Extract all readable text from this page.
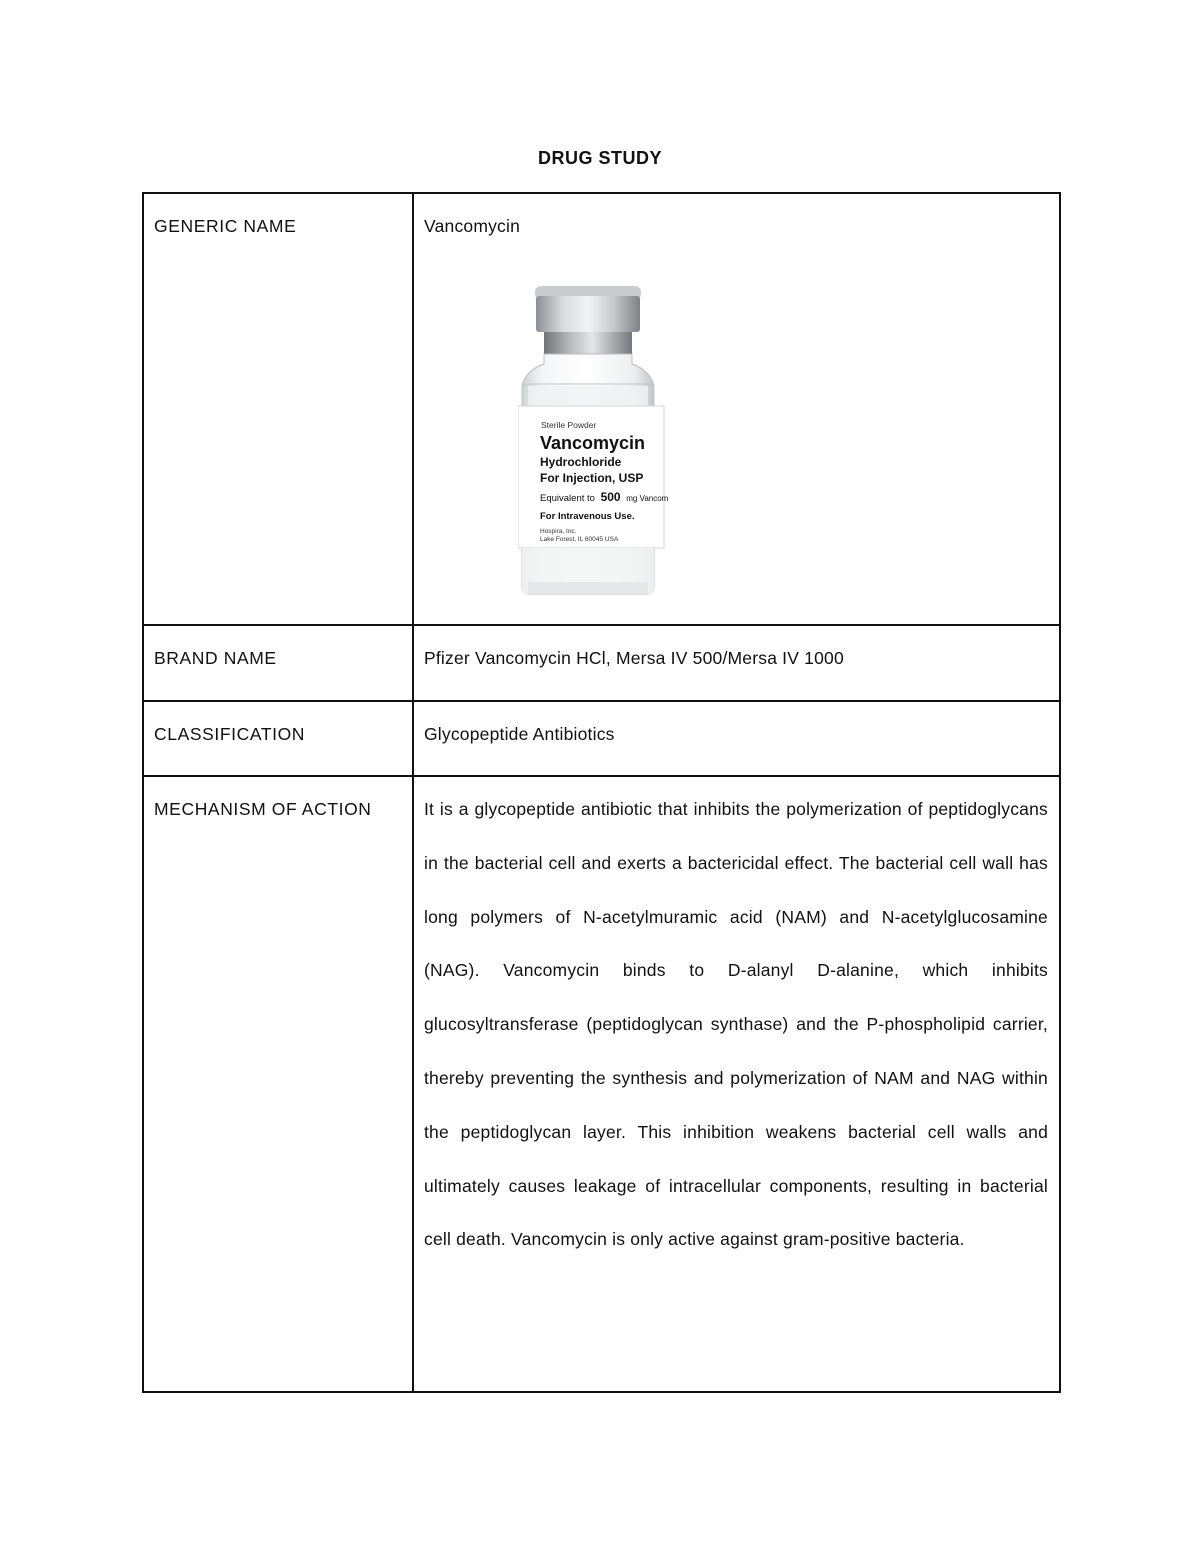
DRUG STUDY
GENERIC NAME	Vancomycin
BRAND NAME	Pfizer Vancomycin HCl, Mersa IV 500/Mersa IV 1000
CLASSIFICATION	Glycopeptide Antibiotics
MECHANISM OF ACTION	It is a glycopeptide antibiotic that inhibits the polymerization of peptidoglycans in the bacterial cell and exerts a bactericidal effect. The bacterial cell wall has long polymers of N-acetylmuramic acid (NAM) and N-acetylglucosamine (NAG). Vancomycin binds to D-alanyl D-alanine, which inhibits glucosyltransferase (peptidoglycan synthase) and the P-phospholipid carrier, thereby preventing the synthesis and polymerization of NAM and NAG within the peptidoglycan layer. This inhibition weakens bacterial cell walls and ultimately causes leakage of intracellular components, resulting in bacterial cell death. Vancomycin is only active against gram-positive bacteria.
Sterile Powder
Vancomycin
Hydrochloride
For Injection, USP
Equivalent to 500 mg Vancom
For Intravenous Use.
Hospira, Inc.
Lake Forest, IL 60045 USA
